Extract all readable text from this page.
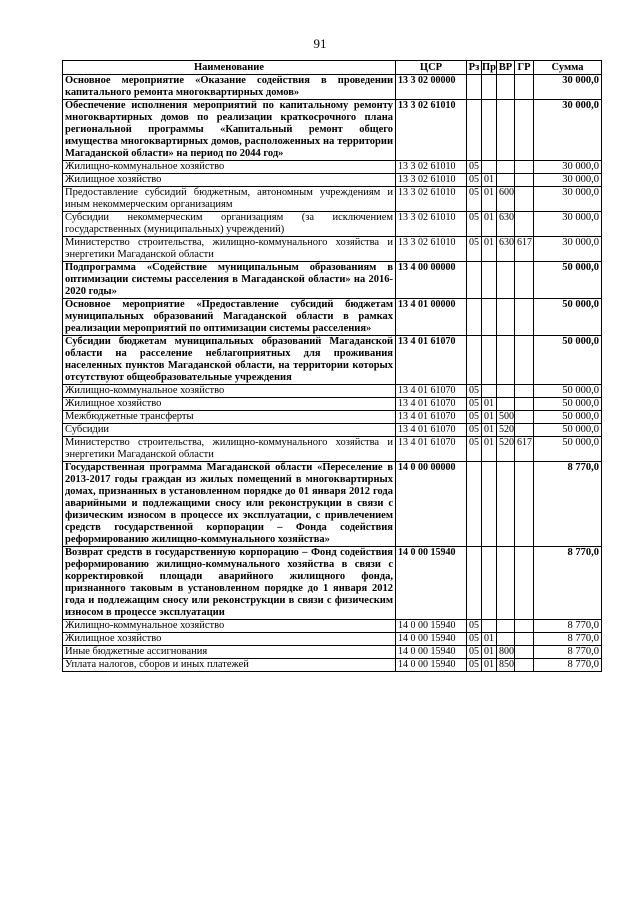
91
Наименование	ЦСР	Рз	Пр	ВР	ГР	Сумма
Основное мероприятие «Оказание содействия в проведении капитального ремонта многоквартирных домов»	13 3 02 00000					30 000,0
Обеспечение исполнения мероприятий по капитальному ремонту многоквартирных домов по реализации краткосрочного плана региональной программы «Капитальный ремонт общего имущества многоквартирных домов, расположенных на территории Магаданской области» на период по 2044 год»	13 3 02 61010					30 000,0
Жилищно-коммунальное хозяйство	13 3 02 61010	05				30 000,0
Жилищное хозяйство	13 3 02 61010	05	01			30 000,0
Предоставление субсидий бюджетным, автономным учреждениям и иным некоммерческим организациям	13 3 02 61010	05	01	600		30 000,0
Субсидии некоммерческим организациям (за исключением государственных (муниципальных) учреждений)	13 3 02 61010	05	01	630		30 000,0
Министерство строительства, жилищно-коммунального хозяйства и энергетики Магаданской области	13 3 02 61010	05	01	630	617	30 000,0
Подпрограмма «Содействие муниципальным образованиям в оптимизации системы расселения в Магаданской области» на 2016-2020 годы»	13 4 00 00000					50 000,0
Основное мероприятие «Предоставление субсидий бюджетам муниципальных образований Магаданской области в рамках реализации мероприятий по оптимизации системы расселения»	13 4 01 00000					50 000,0
Субсидии бюджетам муниципальных образований Магаданской области на расселение неблагоприятных для проживания населенных пунктов Магаданской области, на территории которых отсутствуют общеобразовательные учреждения	13 4 01 61070					50 000,0
Жилищно-коммунальное хозяйство	13 4 01 61070	05				50 000,0
Жилищное хозяйство	13 4 01 61070	05	01			50 000,0
Межбюджетные трансферты	13 4 01 61070	05	01	500		50 000,0
Субсидии	13 4 01 61070	05	01	520		50 000,0
Министерство строительства, жилищно-коммунального хозяйства и энергетики Магаданской области	13 4 01 61070	05	01	520	617	50 000,0
Государственная программа Магаданской области «Переселение в 2013-2017 годы граждан из жилых помещений в многоквартирных домах, признанных в установленном порядке до 01 января 2012 года аварийными и подлежащими сносу или реконструкции в связи с физическим износом в процессе их эксплуатации, с привлечением средств государственной корпорации – Фонда содействия реформированию жилищно-коммунального хозяйства»	14 0 00 00000					8 770,0
Возврат средств в государственную корпорацию – Фонд содействия реформированию жилищно-коммунального хозяйства в связи с корректировкой площади аварийного жилищного фонда, признанного таковым в установленном порядке до 1 января 2012 года и подлежащим сносу или реконструкции в связи с физическим износом в процессе эксплуатации	14 0 00 15940					8 770,0
Жилищно-коммунальное хозяйство	14 0 00 15940	05				8 770,0
Жилищное хозяйство	14 0 00 15940	05	01			8 770,0
Иные бюджетные ассигнования	14 0 00 15940	05	01	800		8 770,0
Уплата налогов, сборов и иных платежей	14 0 00 15940	05	01	850		8 770,0
